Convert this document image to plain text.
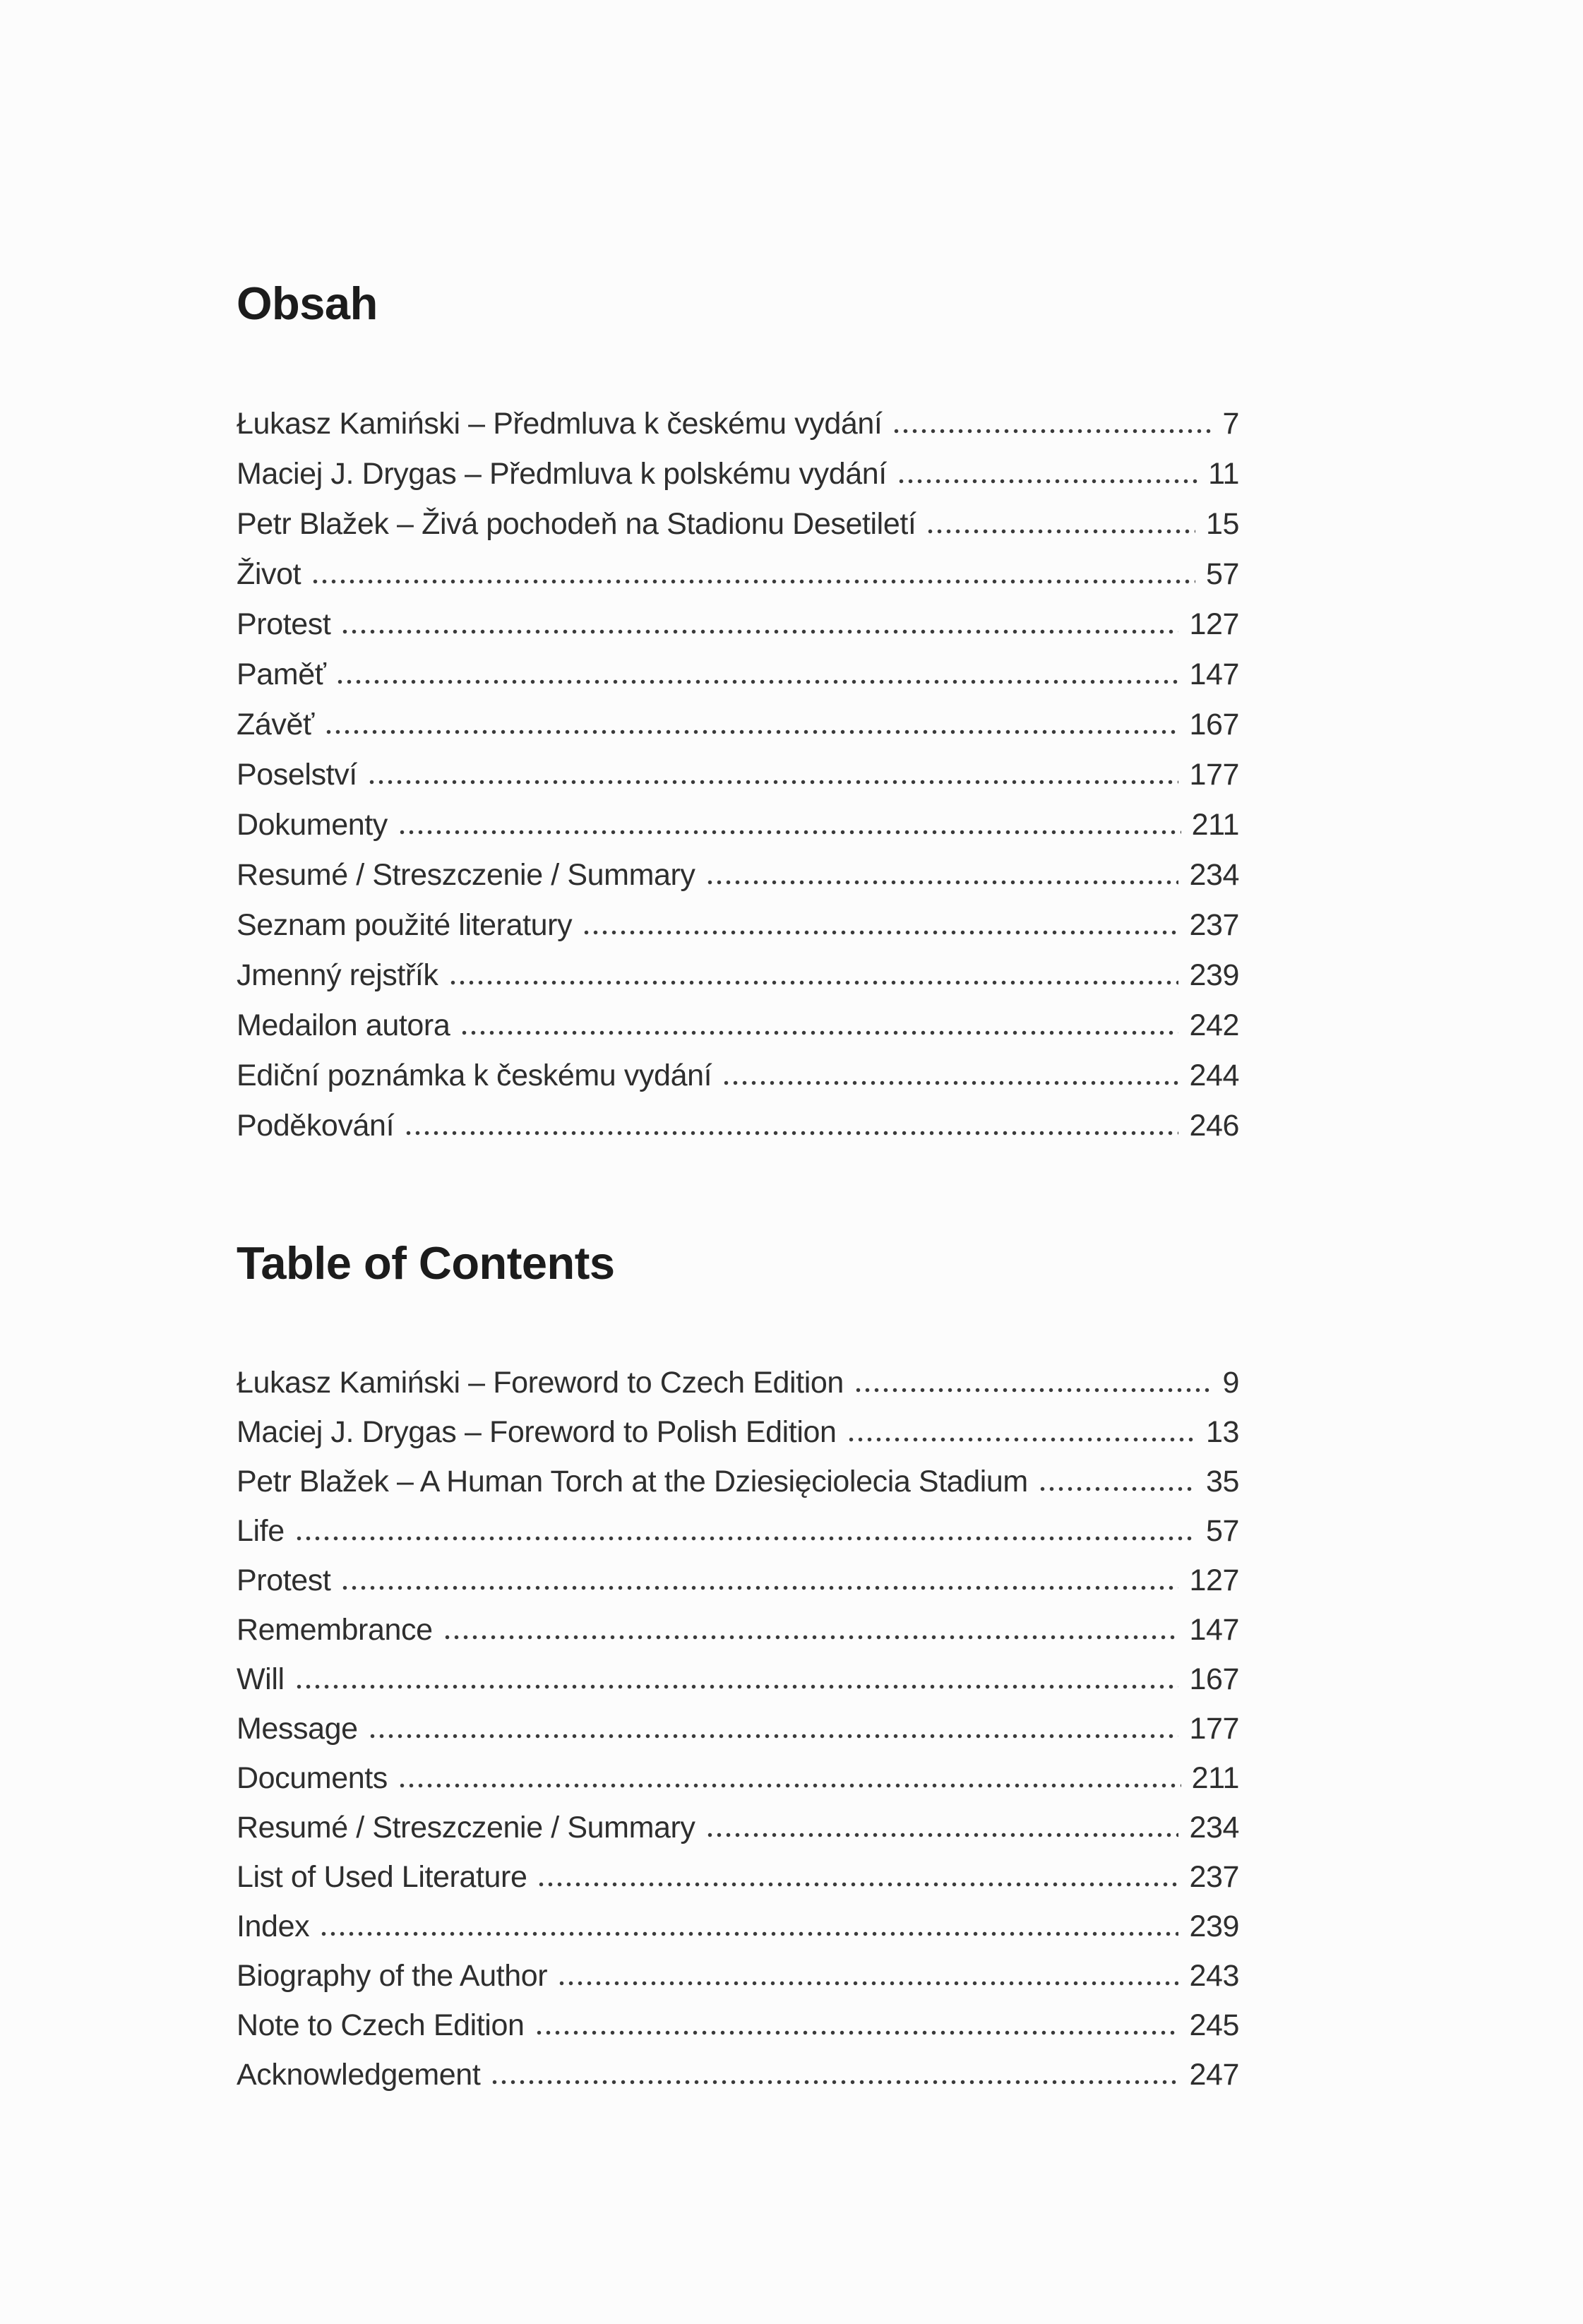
Obsah
Łukasz Kamiński – Předmluva k českému vydání	7
Maciej J. Drygas – Předmluva k polskému vydání	11
Petr Blažek – Živá pochodeň na Stadionu Desetiletí	15
Život	57
Protest	127
Paměť	147
Závěť	167
Poselství	177
Dokumenty	211
Resumé / Streszczenie / Summary	234
Seznam použité literatury	237
Jmenný rejstřík	239
Medailon autora	242
Ediční poznámka k českému vydání	244
Poděkování	246
Table of Contents
Łukasz Kamiński – Foreword to Czech Edition	9
Maciej J. Drygas – Foreword to Polish Edition	13
Petr Blažek – A Human Torch at the Dziesięciolecia Stadium	35
Life	57
Protest	127
Remembrance	147
Will	167
Message	177
Documents	211
Resumé / Streszczenie / Summary	234
List of Used Literature	237
Index	239
Biography of the Author	243
Note to Czech Edition	245
Acknowledgement	247
